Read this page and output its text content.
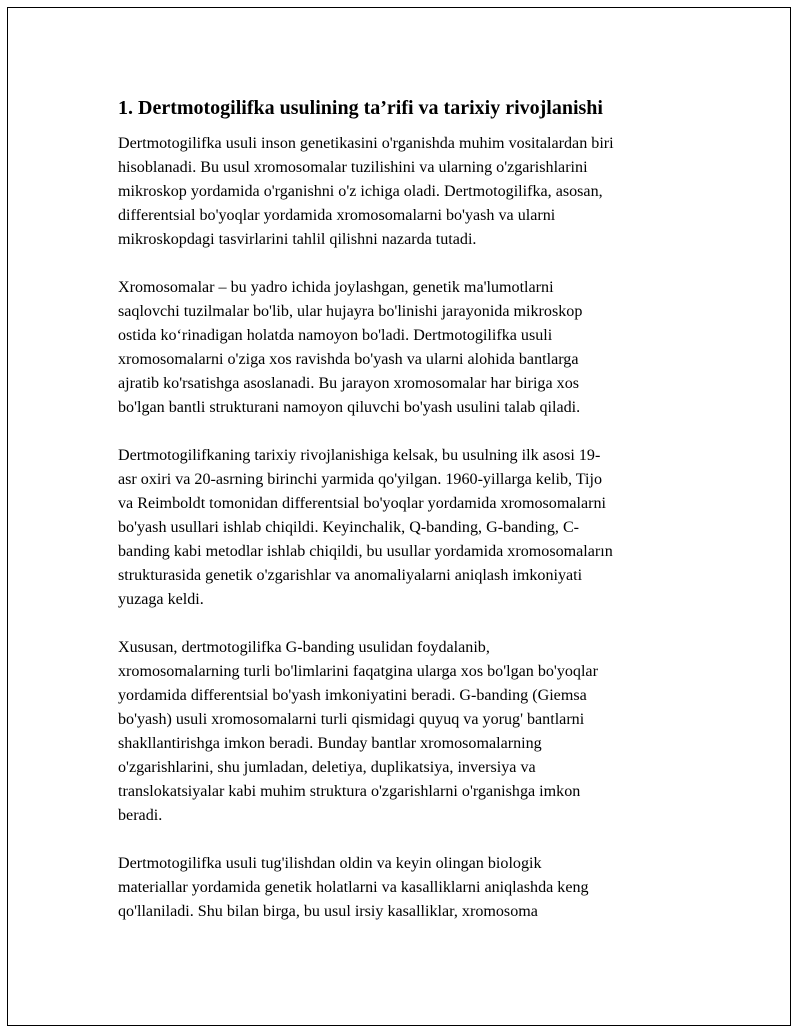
1. Dertmotogilifka usulining ta’rifi va tarixiy rivojlanishi
Dertmotogilifka usuli inson genetikasini o'rganishda muhim vositalardan biri
hisoblanadi. Bu usul xromosomalar tuzilishini va ularning o'zgarishlarini
mikroskop yordamida o'rganishni o'z ichiga oladi. Dertmotogilifka, asosan,
differentsial bo'yoqlar yordamida xromosomalarni bo'yash va ularni
mikroskopdagi tasvirlarini tahlil qilishni nazarda tutadi.
Xromosomalar – bu yadro ichida joylashgan, genetik ma'lumotlarni
saqlovchi tuzilmalar bo'lib, ular hujayra bo'linishi jarayonida mikroskop
ostida ko‘rinadigan holatda namoyon bo'ladi. Dertmotogilifka usuli
xromosomalarni o'ziga xos ravishda bo'yash va ularni alohida bantlarga
ajratib ko'rsatishga asoslanadi. Bu jarayon xromosomalar har biriga xos
bo'lgan bantli strukturani namoyon qiluvchi bo'yash usulini talab qiladi.
Dertmotogilifkaning tarixiy rivojlanishiga kelsak, bu usulning ilk asosi 19-
asr oxiri va 20-asrning birinchi yarmida qo'yilgan. 1960-yillarga kelib, Tijo
va Reimboldt tomonidan differentsial bo'yoqlar yordamida xromosomalarni
bo'yash usullari ishlab chiqildi. Keyinchalik, Q-banding, G-banding, C-
banding kabi metodlar ishlab chiqildi, bu usullar yordamida xromosomaların
strukturasida genetik o'zgarishlar va anomaliyalarni aniqlash imkoniyati
yuzaga keldi.
Xususan, dertmotogilifka G-banding usulidan foydalanib,
xromosomalarning turli bo'limlarini faqatgina ularga xos bo'lgan bo'yoqlar
yordamida differentsial bo'yash imkoniyatini beradi. G-banding (Giemsa
bo'yash) usuli xromosomalarni turli qismidagi quyuq va yorug' bantlarni
shakllantirishga imkon beradi. Bunday bantlar xromosomalarning
o'zgarishlarini, shu jumladan, deletiya, duplikatsiya, inversiya va
translokatsiyalar kabi muhim struktura o'zgarishlarni o'rganishga imkon
beradi.
Dertmotogilifka usuli tug'ilishdan oldin va keyin olingan biologik
materiallar yordamida genetik holatlarni va kasalliklarni aniqlashda keng
qo'llaniladi. Shu bilan birga, bu usul irsiy kasalliklar, xromosoma
